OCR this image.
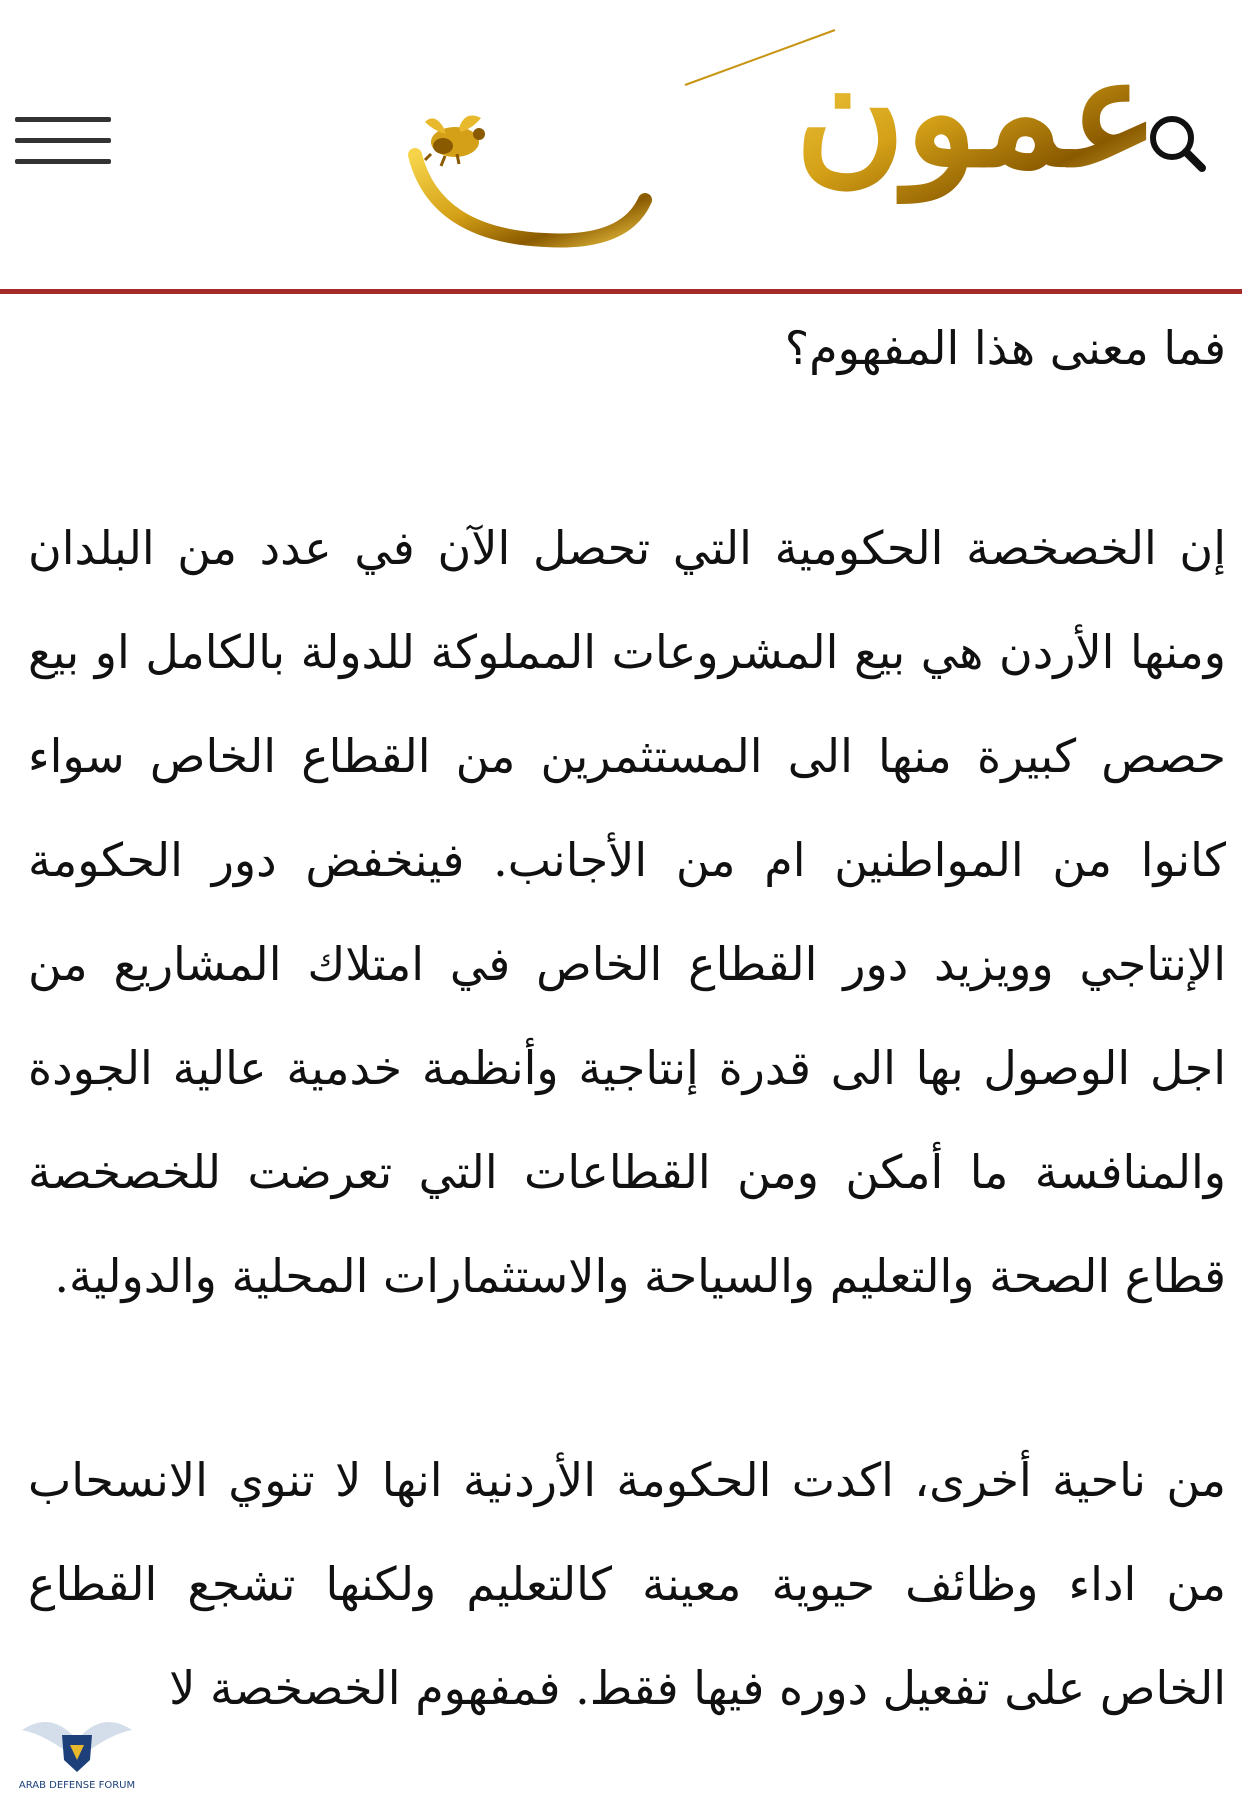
عمون

فما معنى هذا المفهوم؟

إن الخصخصة الحكومية التي تحصل الآن في عدد من البلدان ومنها الأردن هي بيع المشروعات المملوكة للدولة بالكامل او بيع حصص كبيرة منها الى المستثمرين من القطاع الخاص سواء كانوا من المواطنين ام من الأجانب. فينخفض دور الحكومة الإنتاجي وويزيد دور القطاع الخاص في امتلاك المشاريع من اجل الوصول بها الى قدرة إنتاجية وأنظمة خدمية عالية الجودة والمنافسة ما أمكن ومن القطاعات التي تعرضت للخصخصة قطاع الصحة والتعليم والسياحة والاستثمارات المحلية والدولية.

من ناحية أخرى، اكدت الحكومة الأردنية انها لا تنوي الانسحاب من اداء وظائف حيوية معينة كالتعليم ولكنها تشجع القطاع الخاص على تفعيل دوره فيها فقط. فمفهوم الخصخصة لا

ARAB DEFENSE FORUM
